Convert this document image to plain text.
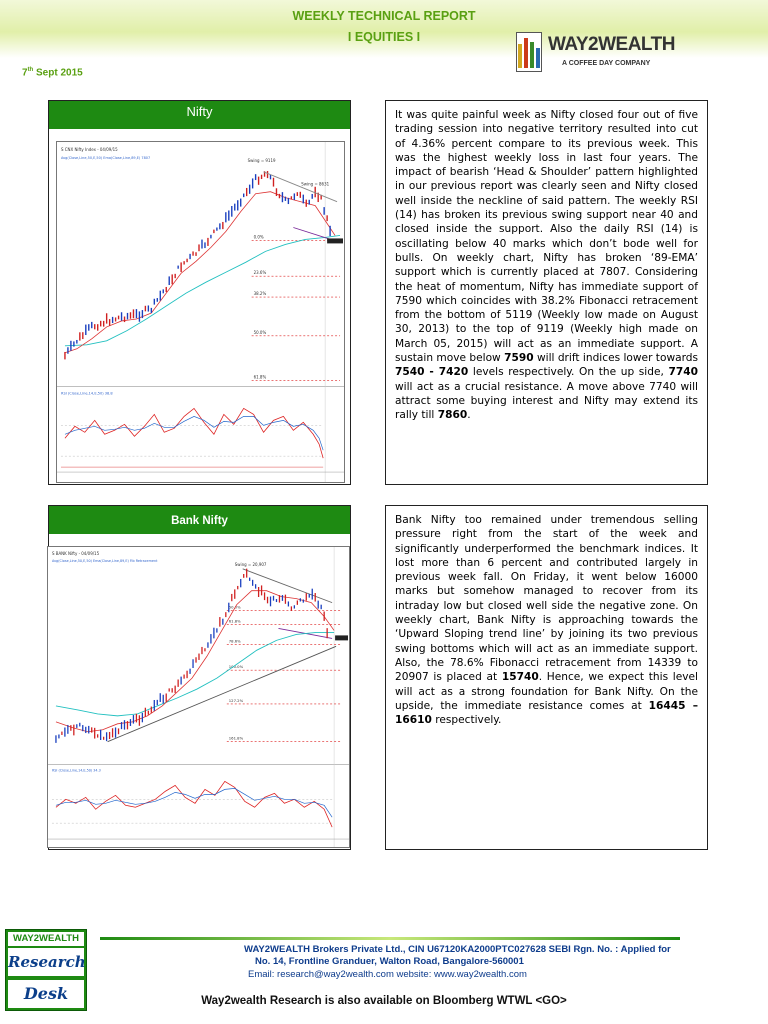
WEEKLY TECHNICAL REPORT
I EQUITIES I
7th Sept 2015
WAY2WEALTH
A COFFEE DAY COMPANY
Nifty
S CNX Nifty Index - 04/09/15
Avg(Close,Line,50,E,50) Ema(Close,Line,89,E) 7807
0.0%
23.6%
38.2%
50.0%
61.8%
Swing = 9119
Swing = 8631
RSI (Close,Line,14,E,50) 38.8
It was quite painful week as Nifty closed four out of five trading session into negative territory resulted into cut of 4.36% percent compare to its previous week. This was the highest weekly loss in last four years. The impact of bearish ‘Head & Shoulder’ pattern highlighted in our previous report was clearly seen and Nifty closed well inside the neckline of said pattern. The weekly RSI (14) has broken its previous swing support near 40 and closed inside the support. Also the daily RSI (14) is oscillating below 40 marks which don’t bode well for bulls. On weekly chart, Nifty has broken ‘89-EMA’ support which is currently placed at 7807. Considering the heat of momentum, Nifty has immediate support of 7590 which coincides with 38.2% Fibonacci retracement from the bottom of 5119 (Weekly low made on August 30, 2013) to the top of 9119 (Weekly high made on March 05, 2015) will act as an immediate support. A sustain move below 7590 will drift indices lower towards 7540 - 7420 levels respectively. On the up side, 7740 will act as a crucial resistance. A move above 7740 will attract some buying interest and Nifty may extend its rally till 7860.
Bank Nifty
S BANK Nifty - 04/09/15
Avg(Close,Line,50,E,50) Ema(Close,Line,89,E) Fib Retracement
50.0%
61.8%
78.6%
100.0%
127.2%
161.8%
Swing = 20,907
RSI (Close,Line,14,E,50) 34.3
Bank Nifty too remained under tremendous selling pressure right from the start of the week and significantly underperformed the benchmark indices. It lost more than 6 percent and contributed largely in previous week fall. On Friday, it went below 16000 marks but somehow managed to recover from its intraday low but closed well side the negative zone. On weekly chart, Bank Nifty is approaching towards the ‘Upward Sloping trend line’ by joining its two previous swing bottoms which will act as an immediate support. Also, the 78.6% Fibonacci retracement from 14339 to 20907 is placed at 15740. Hence, we expect this level will act as a strong foundation for Bank Nifty. On the upside, the immediate resistance comes at 16445 – 16610 respectively.
WAY2WEALTH
Research
Desk
WAY2WEALTH Brokers Private Ltd., CIN U67120KA2000PTC027628 SEBI Rgn. No. : Applied for
No. 14, Frontline Granduer, Walton Road, Bangalore-560001
Email: research@way2wealth.com website: www.way2wealth.com
Way2wealth Research is also available on Bloomberg WTWL <GO>
